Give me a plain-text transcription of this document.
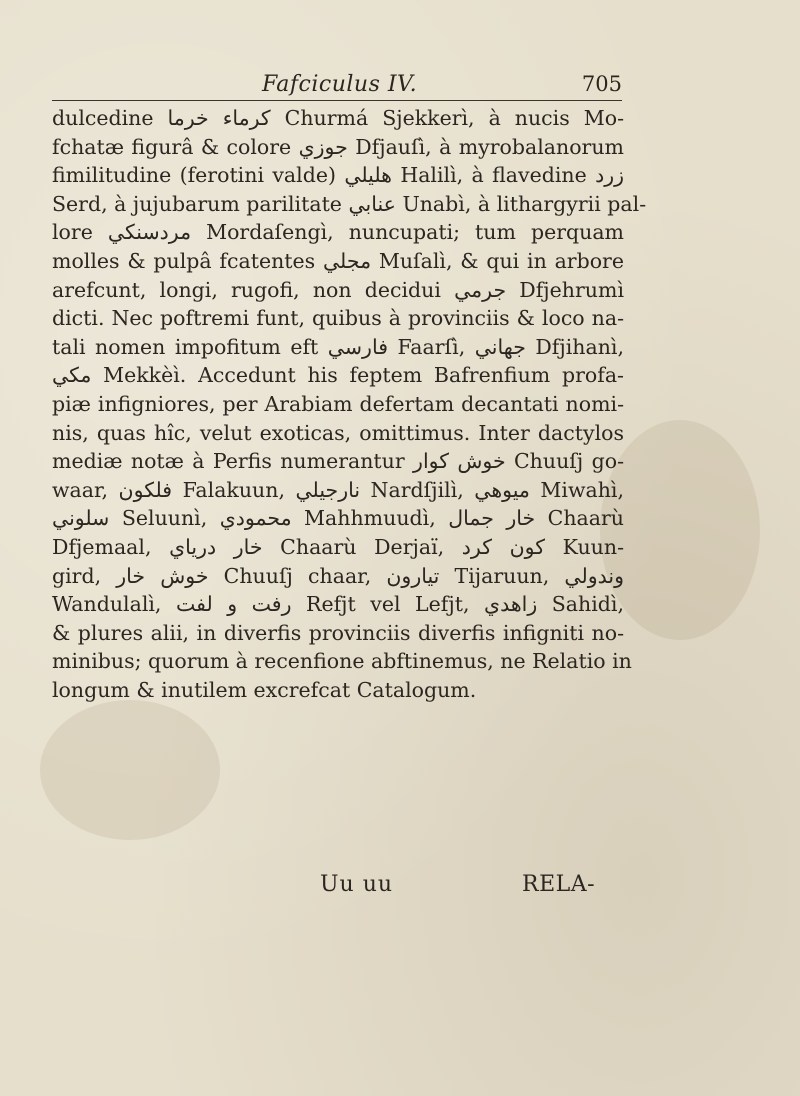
Fafciculus IV.	705
dulcedine كرماء خرما Churmá Sjekkerì, à nucis Mo-
fchatæ figurâ & colore جوزي Dfjauſì, à myrobalanorum
fimilitudine (ferotini valde) هليلي Halilì, à flavedine زرد
Serd, à jujubarum parilitate عنابي Unabì, à lithargyrii pal-
lore مردسنكي Mordaſengì, nuncupati; tum perquam
molles & pulpâ fcatentes مجلي Muſalì, & qui in arbore
arefcunt, longi, rugofi, non decidui جرمي Dfjehrumì
dicti. Nec poftremi funt, quibus à provinciis & loco na-
tali nomen impofitum eft فارسي Faarſì, جهاني Dfjihanì,
مكي Mekkèì. Accedunt his feptem Bafrenfium profa-
piæ infigniores, per Arabiam defertam decantati nomi-
nis, quas hîc, velut exoticas, omittimus. Inter dactylos
mediæ notæ à Perfis numerantur خوش كوار Chuuſj go-
waar, فلكون Falakuun, نارجيلي Nardſjilì, ميوهي Miwahì,
سلوني Seluunì, محمودي Mahhmuudì, خار جمال Chaarù
Dfjemaal, خار درياي Chaarù Derjaï, كون كرد Kuun-
gird, خوش خار Chuuſj chaar, تيارون Tijaruun, وندولي
Wandulalì, رفت و لفت Refjt vel Lefjt, زاهدي Sahidì,
& plures alii, in diverfis provinciis diverfis infigniti no-
minibus; quorum à recenfione abftinemus, ne Relatio in
longum & inutilem excrefcat Catalogum.
Uu uu	RELA-
